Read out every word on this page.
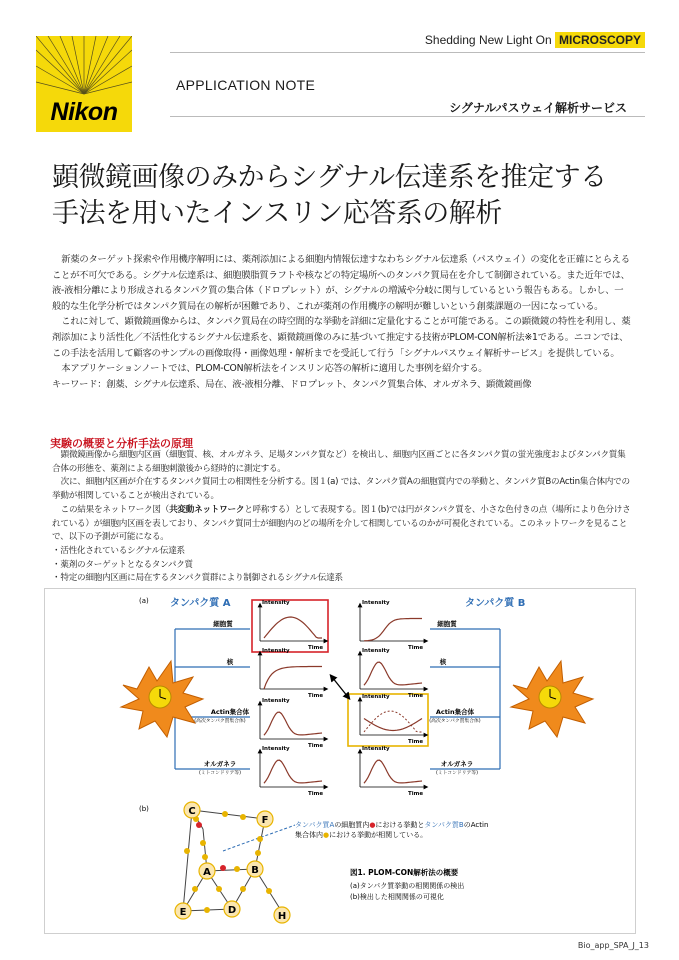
Nikon
Shedding New Light On MICROSCOPY
APPLICATION NOTE
シグナルパスウェイ解析サービス
顕微鏡画像のみからシグナル伝達系を推定する
手法を用いたインスリン応答系の解析

新薬のターゲット探索や作用機序解明には、薬剤添加による細胞内情報伝達すなわちシグナル伝達系（パスウェイ）の変化を正確にとらえることが不可欠である。シグナル伝達系は、細胞膜脂質ラフトや核などの特定場所へのタンパク質局在を介して制御されている。また近年では、液-液相分離により形成されるタンパク質の集合体（ドロプレット）が、シグナルの増減や分岐に関与しているという報告もある。しかし、一般的な生化学分析ではタンパク質局在の解析が困難であり、これが薬剤の作用機序の解明が難しいという創薬課題の一因になっている。

これに対して、顕微鏡画像からは、タンパク質局在の時空間的な挙動を詳細に定量化することが可能である。この顕微鏡の特性を利用し、薬剤添加により活性化／不活性化するシグナル伝達系を、顕微鏡画像のみに基づいて推定する技術がPLOM-CON解析法※1である。ニコンでは、この手法を活用して顧客のサンプルの画像取得・画像処理・解析までを受託して行う「シグナルパスウェイ解析サービス」を提供している。

本アプリケーションノートでは、PLOM-CON解析法をインスリン応答の解析に適用した事例を紹介する。

キーワード：創薬、シグナル伝達系、局在、液-液相分離、ドロプレット、タンパク質集合体、オルガネラ、顕微鏡画像

実験の概要と分析手法の原理

顕微鏡画像から細胞内区画（細胞質、核、オルガネラ、足場タンパク質など）を検出し、細胞内区画ごとに各タンパク質の蛍光強度およびタンパク質集合体の形態を、薬剤による細胞刺激後から経時的に測定する。

次に、細胞内区画が介在するタンパク質同士の相関性を分析する。図１(a) では、タンパク質Aの細胞質内での挙動と、タンパク質BのActin集合体内での挙動が相関していることが検出されている。

この結果をネットワーク図（共変動ネットワークと呼称する）として表現する。図１(b)では円がタンパク質を、小さな色付きの点（場所により色分けされている）が細胞内区画を表しており、タンパク質同士が細胞内のどの場所を介して相関しているのかが可視化されている。このネットワークを見ることで、以下の予測が可能になる。

・活性化されているシグナル伝達系

・薬剤のターゲットとなるタンパク質

・特定の細胞内区画に局在するタンパク質群により制御されるシグナル伝達系

(a) タンパク質 A	タンパク質 B
細胞質
核
Actin集合体
(高次タンパク質集合体)
オルガネラ
(ミトコンドリア等)
細胞質
核
Actin集合体
(高次タンパク質集合体)
オルガネラ
(ミトコンドリア等)
Intensity
Time
Intensity
Time
Intensity
Time
Intensity
Time
Intensity
Time
Intensity
Time
Intensity
Time
Intensity
Time
(b)	C
F
A	B
E	D
H
タンパク質Aの細胞質内●における挙動とタンパク質BのActin
集合体内●における挙動が相関している。
図1. PLOM-CON解析法の概要
(a)タンパク質挙動の相関関係の検出
(b)検出した相関関係の可視化
Bio_app_SPA_J_13
